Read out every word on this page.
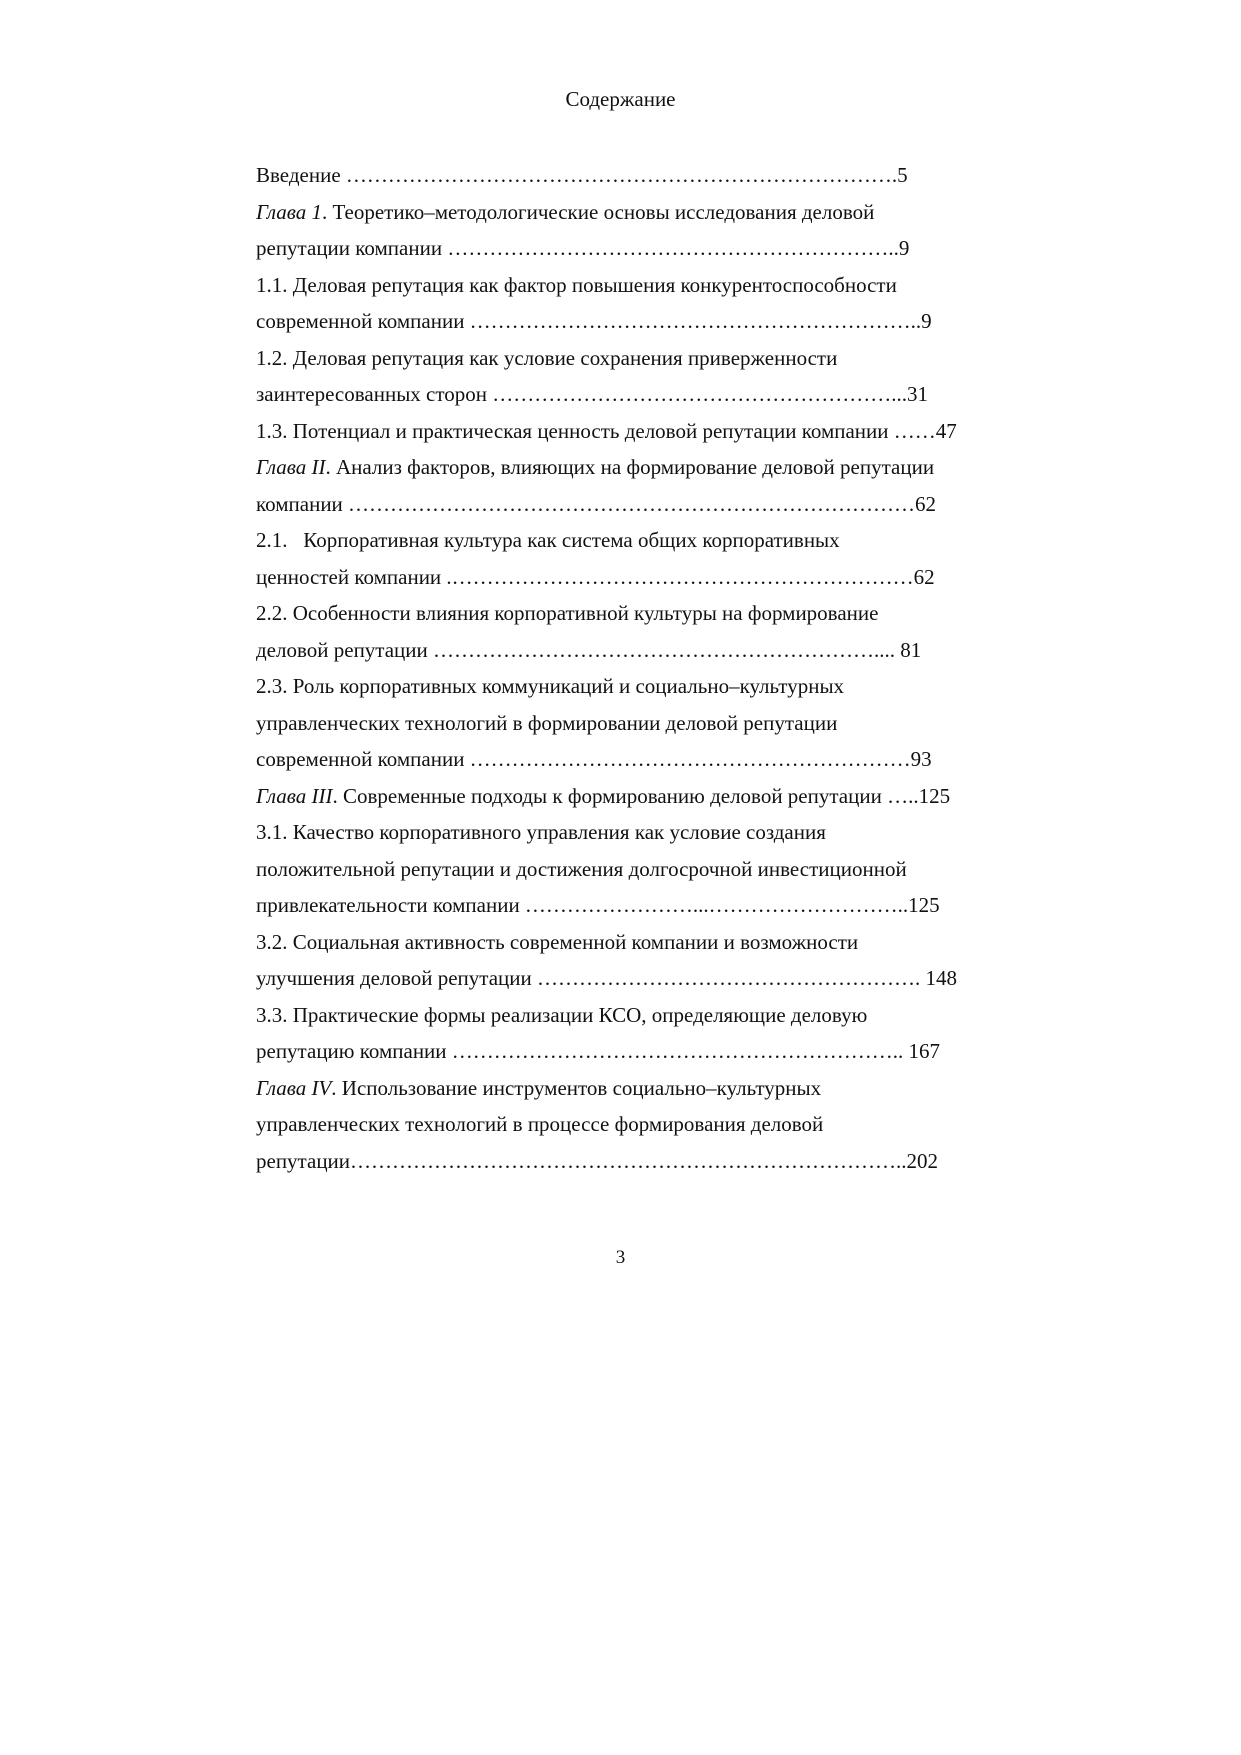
Содержание
Введение …………………………………………………………………….5
Глава 1. Теоретико–методологические основы исследования деловой
репутации компании ………………………………………………………..9
1.1. Деловая репутация как фактор повышения конкурентоспособности
современной компании ………………………………………………………..9
1.2. Деловая репутация как условие сохранения приверженности
заинтересованных сторон …………………………………………………...31
1.3. Потенциал и практическая ценность деловой репутации компании ……47
Глава II. Анализ факторов, влияющих на формирование деловой репутации
компании ………………………………………………………………………62
2.1.   Корпоративная культура как система общих корпоративных
ценностей компании .…………………………………………………………62
2.2. Особенности влияния корпоративной культуры на формирование
деловой репутации ……………………………………………………….... 81
2.3. Роль корпоративных коммуникаций и социально–культурных
управленческих технологий в формировании деловой репутации
современной компании ………………………………………………………93
Глава III. Современные подходы к формированию деловой репутации …..125
3.1. Качество корпоративного управления как условие создания
положительной репутации и достижения долгосрочной инвестиционной
привлекательности компании ……………………...………………………..125
3.2. Социальная активность современной компании и возможности
улучшения деловой репутации ………………………………………………. 148
3.3. Практические формы реализации КСО, определяющие деловую
репутацию компании ……………………………………………………….. 167
Глава IV. Использование инструментов социально–культурных
управленческих технологий в процессе формирования деловой
репутации……………………………………………………………………..202
3
